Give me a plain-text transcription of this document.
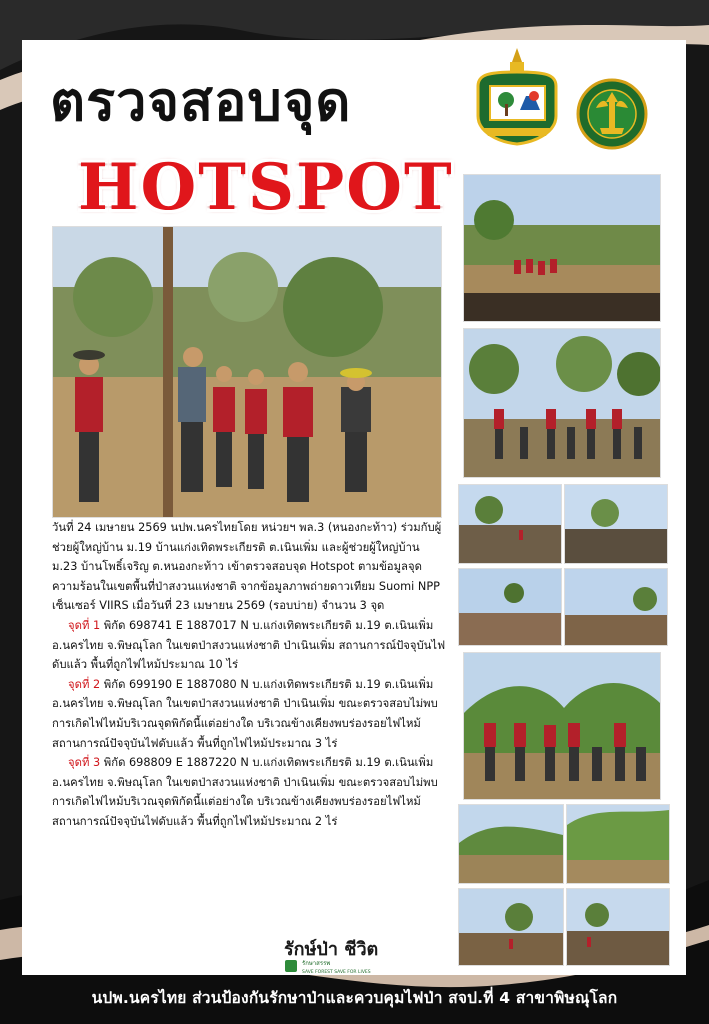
ตรวจสอบจุด
HOTSPOT

วันที่ 24 เมษายน 2569 นปพ.นครไทยโดย หน่วยฯ พล.3 (หนองกะท้าว) ร่วมกับผู้ช่วยผู้ใหญ่บ้าน ม.19 บ้านแก่งเทิดพระเกียรติ ต.เนินเพิ่ม และผู้ช่วยผู้ใหญ่บ้าน ม.23 บ้านโพธิ์เจริญ ต.หนองกะท้าว เข้าตรวจสอบจุด Hotspot ตามข้อมูลจุดความร้อนในเขตพื้นที่ป่าสงวนแห่งชาติ จากข้อมูลภาพถ่ายดาวเทียม Suomi NPP เซ็นเซอร์ VIIRS เมื่อวันที่ 23 เมษายน 2569 (รอบบ่าย) จำนวน 3 จุด

จุดที่ 1 พิกัด 698741 E 1887017 N บ.แก่งเทิดพระเกียรติ ม.19 ต.เนินเพิ่ม อ.นครไทย จ.พิษณุโลก ในเขตป่าสงวนแห่งชาติ ป่าเนินเพิ่ม สถานการณ์ปัจจุบันไฟดับแล้ว พื้นที่ถูกไฟไหม้ประมาณ 10 ไร่

จุดที่ 2 พิกัด 699190 E 1887080 N บ.แก่งเทิดพระเกียรติ ม.19 ต.เนินเพิ่ม อ.นครไทย จ.พิษณุโลก ในเขตป่าสงวนแห่งชาติ ป่าเนินเพิ่ม ขณะตรวจสอบไม่พบการเกิดไฟไหม้บริเวณจุดพิกัดนี้แต่อย่างใด บริเวณข้างเคียงพบร่องรอยไฟไหม้ สถานการณ์ปัจจุบันไฟดับแล้ว พื้นที่ถูกไฟไหม้ประมาณ 3 ไร่

จุดที่ 3 พิกัด 698809 E 1887220 N บ.แก่งเทิดพระเกียรติ ม.19 ต.เนินเพิ่ม อ.นครไทย จ.พิษณุโลก ในเขตป่าสงวนแห่งชาติ ป่าเนินเพิ่ม ขณะตรวจสอบไม่พบการเกิดไฟไหม้บริเวณจุดพิกัดนี้แต่อย่างใด บริเวณข้างเคียงพบร่องรอยไฟไหม้ สถานการณ์ปัจจุบันไฟดับแล้ว พื้นที่ถูกไฟไหม้ประมาณ 2 ไร่

รักษ์ป่า ชีวิต
รักษาสรรพ
SAVE FOREST SAVE FOR LIVES
นปพ.นครไทย ส่วนป้องกันรักษาป่าและควบคุมไฟป่า สจป.ที่ 4 สาขาพิษณุโลก
